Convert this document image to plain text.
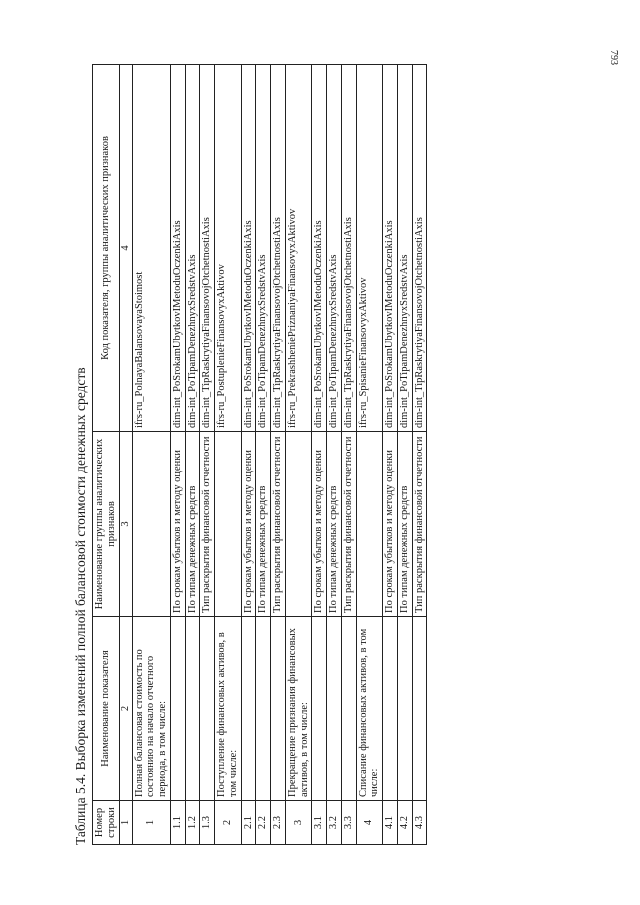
793
Таблица 5.4. Выборка изменений полной балансовой стоимости денежных средств Номер строки	Наименование показателя	Наименование группы аналитических признаков	Код показателя, группы аналитических признаков
1	2	3	4
1	Полная балансовая стоимость по состоянию на начало отчетного периода, в том числе:		ifrs-ru_PolnayaBalansovayaStoimost
1.1		По срокам убытков и методу оценки	dim-int_PoSrokamUbytkovIMetoduOczenkiAxis
1.2		По типам денежных средств	dim-int_PoTipamDenezhnyxSredstvAxis
1.3		Тип раскрытия финансовой отчетности	dim-int_TipRaskrytiyaFinansovojOtchetnostiAxis
2	Поступление финансовых активов, в том числе:		ifrs-ru_PostuplenieFinansovyxAktivov
2.1		По срокам убытков и методу оценки	dim-int_PoSrokamUbytkovIMetoduOczenkiAxis
2.2		По типам денежных средств	dim-int_PoTipamDenezhnyxSredstvAxis
2.3		Тип раскрытия финансовой отчетности	dim-int_TipRaskrytiyaFinansovojOtchetnostiAxis
3	Прекращение признания финансовых активов, в том числе:		ifrs-ru_PrekrashheniePriznaniyaFinansovyxAktivov
3.1		По срокам убытков и методу оценки	dim-int_PoSrokamUbytkovIMetoduOczenkiAxis
3.2		По типам денежных средств	dim-int_PoTipamDenezhnyxSredstvAxis
3.3		Тип раскрытия финансовой отчетности	dim-int_TipRaskrytiyaFinansovojOtchetnostiAxis
4	Списание финансовых активов, в том числе:		ifrs-ru_SpisanieFinansovyxAktivov
4.1		По срокам убытков и методу оценки	dim-int_PoSrokamUbytkovIMetoduOczenkiAxis
4.2		По типам денежных средств	dim-int_PoTipamDenezhnyxSredstvAxis
4.3		Тип раскрытия финансовой отчетности	dim-int_TipRaskrytiyaFinansovojOtchetnostiAxis
